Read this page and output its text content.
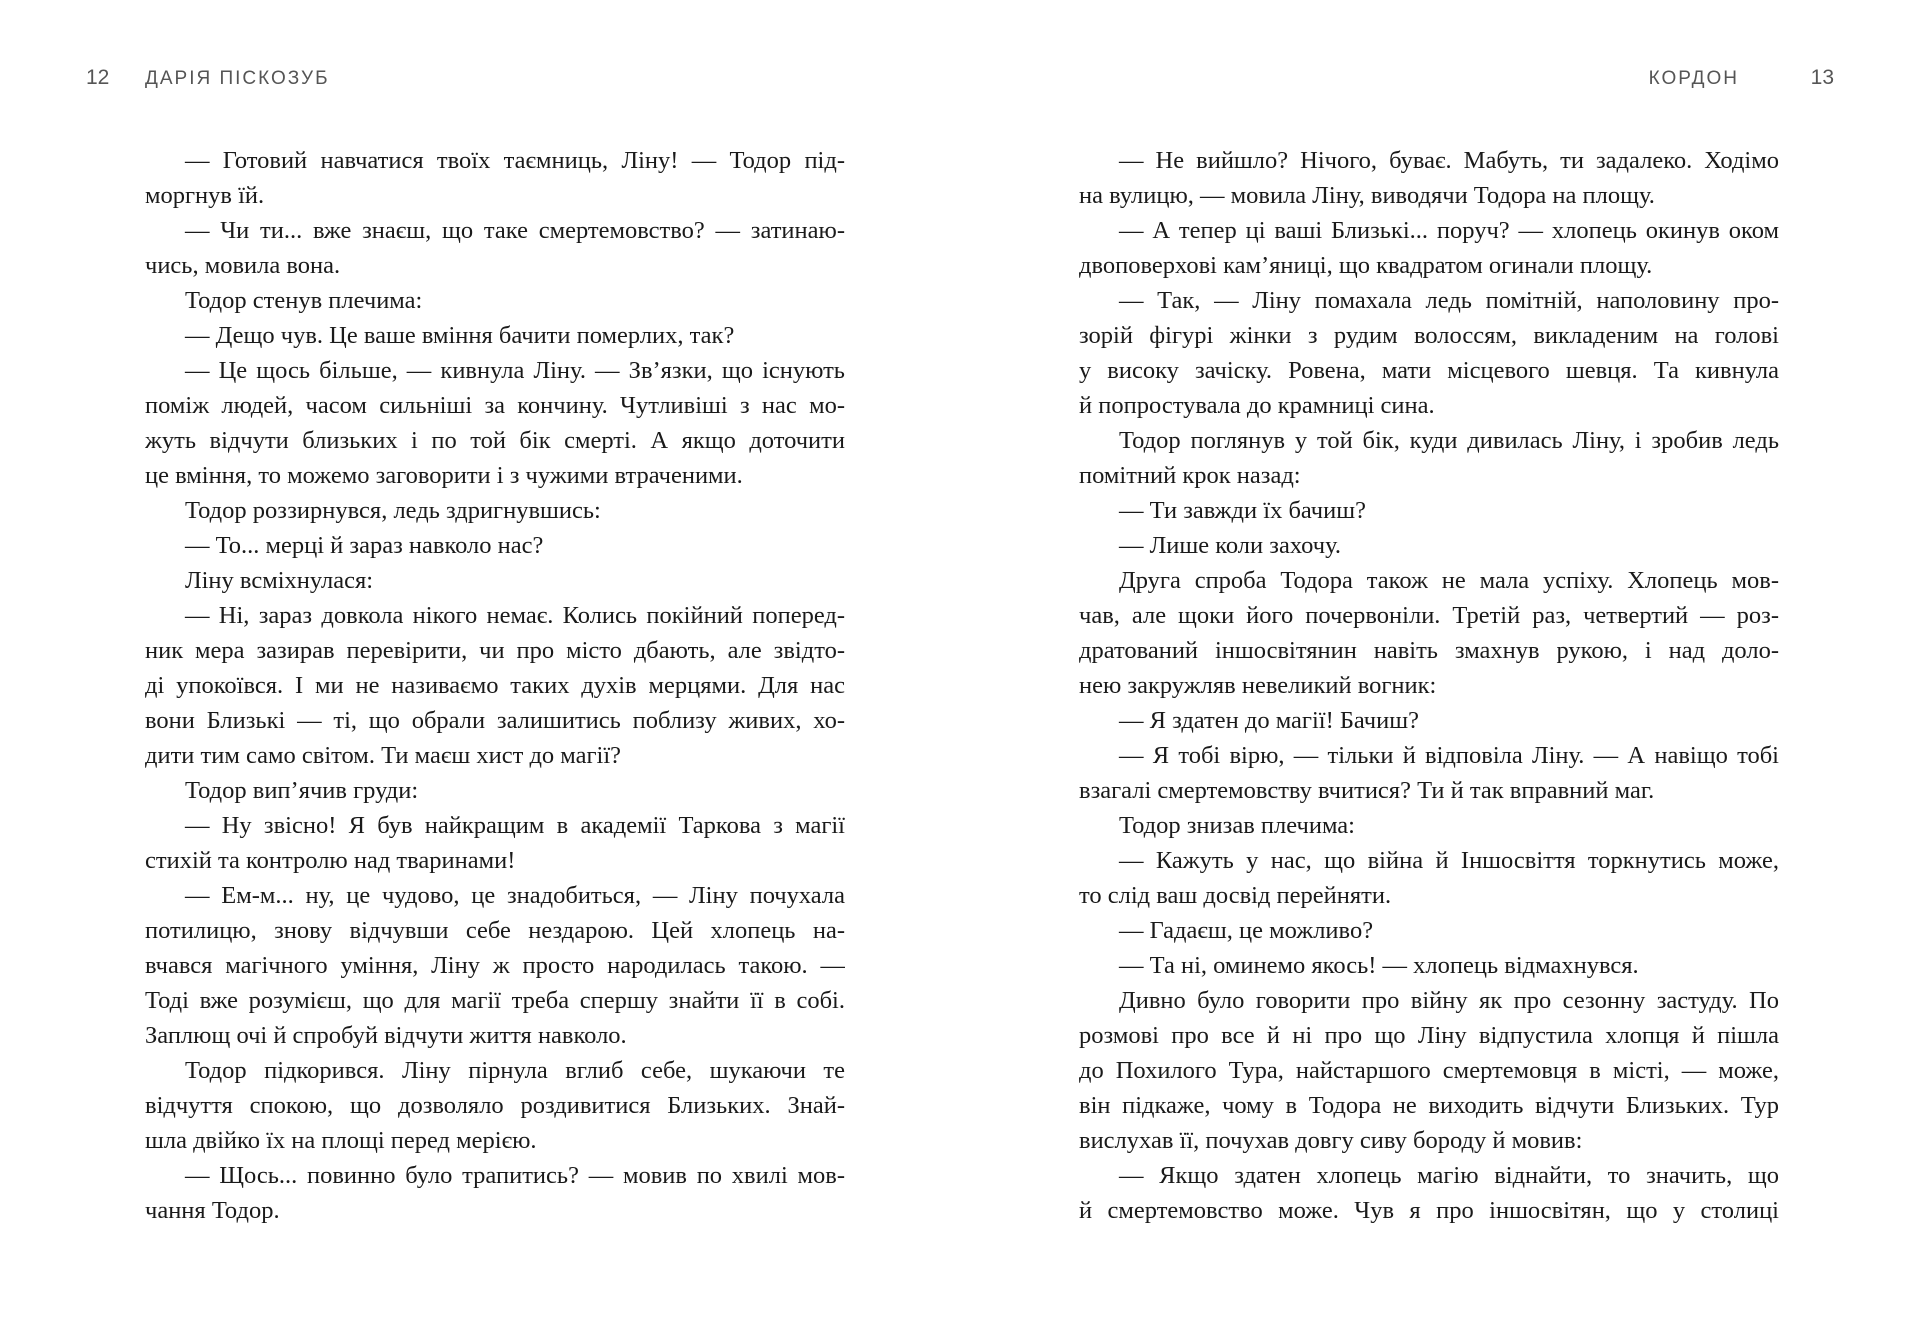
12 ДАРІЯ ПІСКОЗУБ
— Готовий навчатися твоїх таємниць, Ліну! — Тодор під-
моргнув їй.
— Чи ти... вже знаєш, що таке смертемовство? — затинаю-
чись, мовила вона.
Тодор стенув плечима:
— Дещо чув. Це ваше вміння бачити померлих, так?
— Це щось більше, — кивнула Ліну. — Зв’язки, що існують
поміж людей, часом сильніші за кончину. Чутливіші з нас мо-
жуть відчути близьких і по той бік смерті. А якщо доточити
це вміння, то можемо заговорити і з чужими втраченими.
Тодор роззирнувся, ледь здригнувшись:
— То... мерці й зараз навколо нас?
Ліну всміхнулася:
— Ні, зараз довкола нікого немає. Колись покійний поперед-
ник мера зазирав перевірити, чи про місто дбають, але звідто-
ді упокоївся. І ми не називаємо таких духів мерцями. Для нас
вони Близькі — ті, що обрали залишитись поблизу живих, хо-
дити тим само світом. Ти маєш хист до магії?
Тодор вип’ячив груди:
— Ну звісно! Я був найкращим в академії Таркова з магії
стихій та контролю над тваринами!
— Ем-м... ну, це чудово, це знадобиться, — Ліну почухала
потилицю, знову відчувши себе нездарою. Цей хлопець на-
вчався магічного уміння, Ліну ж просто народилась такою. —
Тоді вже розумієш, що для магії треба спершу знайти її в собі.
Заплющ очі й спробуй відчути життя навколо.
Тодор підкорився. Ліну пірнула вглиб себе, шукаючи те
відчуття спокою, що дозволяло роздивитися Близьких. Знай-
шла двійко їх на площі перед мерією.
— Щось... повинно було трапитись? — мовив по хвилі мов-
чання Тодор.
КОРДОН	13
— Не вийшло? Нічого, буває. Мабуть, ти задалеко. Ходімо
на вулицю, — мовила Ліну, виводячи Тодора на площу.
— А тепер ці ваші Близькі... поруч? — хлопець окинув оком
двоповерхові кам’яниці, що квадратом огинали площу.
— Так, — Ліну помахала ледь помітній, наполовину про-
зорій фігурі жінки з рудим волоссям, викладеним на голові
у високу зачіску. Ровена, мати місцевого шевця. Та кивнула
й попростувала до крамниці сина.
Тодор поглянув у той бік, куди дивилась Ліну, і зробив ледь
помітний крок назад:
— Ти завжди їх бачиш?
— Лише коли захочу.
Друга спроба Тодора також не мала успіху. Хлопець мов-
чав, але щоки його почервоніли. Третій раз, четвертий — роз-
дратований іншосвітянин навіть змахнув рукою, і над доло-
нею закружляв невеликий вогник:
— Я здатен до магії! Бачиш?
— Я тобі вірю, — тільки й відповіла Ліну. — А навіщо тобі
взагалі смертемовству вчитися? Ти й так вправний маг.
Тодор знизав плечима:
— Кажуть у нас, що війна й Іншосвіття торкнутись може,
то слід ваш досвід перейняти.
— Гадаєш, це можливо?
— Та ні, оминемо якось! — хлопець відмахнувся.
Дивно було говорити про війну як про сезонну застуду. По
розмові про все й ні про що Ліну відпустила хлопця й пішла
до Похилого Тура, найстаршого смертемовця в місті, — може,
він підкаже, чому в Тодора не виходить відчути Близьких. Тур
вислухав її, почухав довгу сиву бороду й мовив:
— Якщо здатен хлопець магію віднайти, то значить, що
й смертемовство може. Чув я про іншосвітян, що у столиці
